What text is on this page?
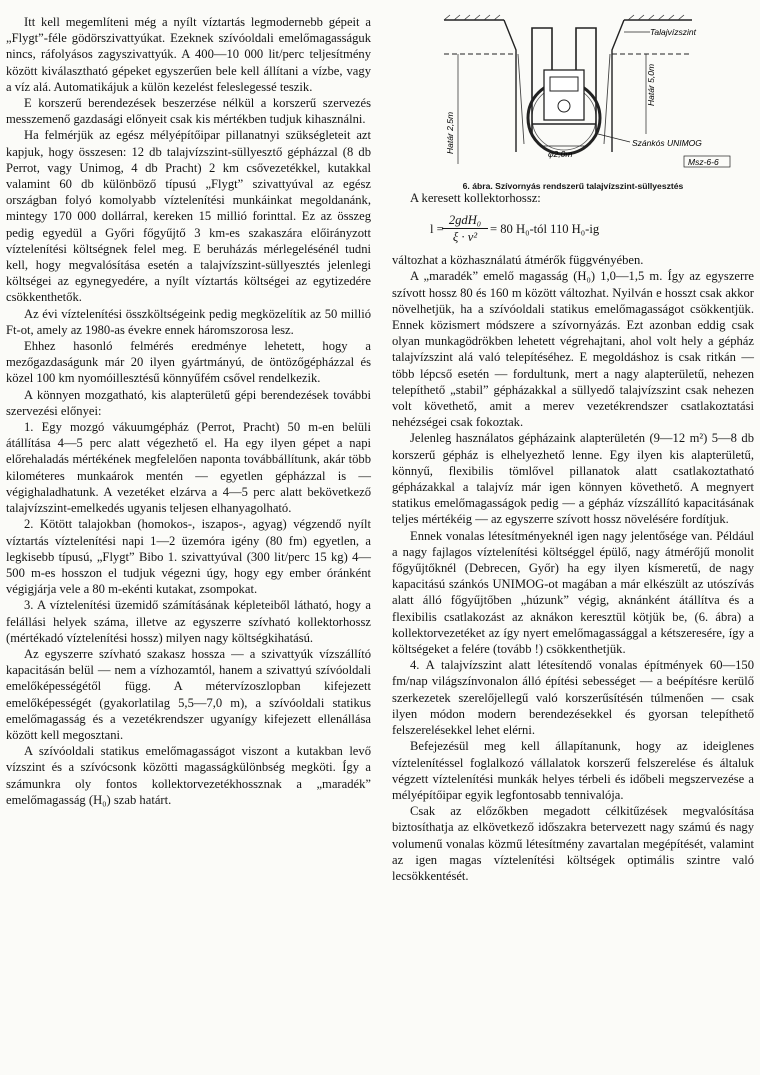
Itt kell megemlíteni még a nyílt víztartás legmodernebb gépeit a „Flygt”-féle gödörszivattyúkat. Ezeknek szívóoldali emelőmagasságuk nincs, ráfolyásos zagyszivattyúk. A 400—10 000 lit/perc teljesítmény között kiválasztható gépeket egyszerűen bele kell állítani a vízbe, vagy a víz alá. Automatikájuk a külön kezelést feleslegessé teszik.

E korszerű berendezések beszerzése nélkül a korszerű szervezés messzemenő gazdasági előnyeit csak kis mértékben tudjuk kihasználni.

Ha felmérjük az egész mélyépítőipar pillanatnyi szükségleteit azt kapjuk, hogy összesen: 12 db talajvízszint-süllyesztő gépházzal (8 db Perrot, vagy Unimog, 4 db Pracht) 2 km csővezetékkel, kutakkal valamint 60 db különböző típusú „Flygt” szivattyúval az egész országban folyó komolyabb víztelenítési munkáinkat megoldanánk, mintegy 170 000 dollárral, kereken 15 millió forinttal. Ez az összeg pedig egyedül a Győri főgyűjtő 3 km-es szakaszára előirányzott víztelenítési költségnek felel meg. E beruházás mérlegelésénél tudni kell, hogy megvalósítása esetén a talajvízszint-süllyesztés jelenlegi költségei az egynegyedére, a nyílt víztartás költségei az egytizedére csökkenthetők.

Az évi víztelenítési összköltségeink pedig megközelítik az 50 millió Ft-ot, amely az 1980-as évekre ennek háromszorosa lesz.

Ehhez hasonló felmérés eredménye lehetett, hogy a mezőgazdaságunk már 20 ilyen gyártmányú, de öntözőgépházzal és közel 100 km nyomóillesztésű könnyűfém csővel rendelkezik.

A könnyen mozgatható, kis alapterületű gépi berendezések további szervezési előnyei:

1. Egy mozgó vákuumgépház (Perrot, Pracht) 50 m-en belüli átállítása 4—5 perc alatt végezhető el. Ha egy ilyen gépet a napi előrehaladás mértékének megfelelően naponta továbbállítunk, akár több kilométeres munkaárok mentén — egyetlen gépházzal is — végighaladhatunk. A vezetéket elzárva a 4—5 perc alatt bekövetkező talajvízszint-emelkedés ugyanis teljesen elhanyagolható.

2. Kötött talajokban (homokos-, iszapos-, agyag) végzendő nyílt víztartás víztelenítési napi 1—2 üzemóra igény (80 fm) egyetlen, a legkisebb típusú, „Flygt” Bibo 1. szivattyúval (300 lit/perc 15 kg) 4—500 m-es hosszon el tudjuk végezni úgy, hogy egy ember óránként végigjárja vele a 80 m-ekénti kutakat, zsompokat.

3. A víztelenítési üzemidő számításának képleteiből látható, hogy a felállási helyek száma, illetve az egyszerre szívható kollektorhossz (mértékadó víztelenítési hossz) milyen nagy költségkihatású.

Az egyszerre szívható szakasz hossza — a szivattyúk vízszállító kapacitásán belül — nem a vízhozamtól, hanem a szivattyú szívóoldali emelőképességétől függ. A métervízoszlopban kifejezett emelőképességét (gyakorlatilag 5,5—7,0 m), a szívóoldali statikus emelőmagasság és a vezetékrendszer ugyanígy kifejezett ellenállása között kell megosztani.

A szívóoldali statikus emelőmagasságot viszont a kutakban levő vízszint és a szívócsonk közötti magasságkülönbség megköti. Így a számunkra oly fontos kollektorvezetékhossznak a „maradék” emelőmagasság (H₀) szab határt.

Talajvízszint
Határ 5,0m
Határ 2,5m	Szánkós UNIMOG
φ2,0m
Msz-6-6
6. ábra. Szívornyás rendszerű talajvízszint-süllyesztés

A keresett kollektorhossz:

l =
2gdH₀
ξ · v²
= 80 H₀-tól 110 H₀-ig

változhat a közhasználatú átmérők függvényében.

A „maradék” emelő magasság (H₀) 1,0—1,5 m. Így az egyszerre szívott hossz 80 és 160 m között változhat. Nyilván e hosszt csak akkor növelhetjük, ha a szívóoldali statikus emelőmagasságot csökkentjük. Ennek közismert módszere a szívornyázás. Ezt azonban eddig csak olyan munkagödrökben lehetett végrehajtani, ahol volt hely a gépház talajvízszint alá való telepítéséhez. E megoldáshoz is csak ritkán — több lépcső esetén — fordultunk, mert a nagy alapterületű, nehezen telepíthető „stabil” gépházakkal a süllyedő talajvízszint csak nehezen volt követhető, amit a merev vezetékrendszer csatlakoztatási nehézségei csak fokoztak.

Jelenleg használatos gépházaink alapterületén (9—12 m²) 5—8 db korszerű gépház is elhelyezhető lenne. Egy ilyen kis alapterületű, könnyű, flexibilis tömlővel pillanatok alatt csatlakoztatható gépházakkal a talajvíz már igen könnyen követhető. A megnyert statikus emelőmagasságok pedig — a gépház vízszállító kapacitásának teljes mértékéig — az egyszerre szívott hossz növelésére fordítjuk.

Ennek vonalas létesítményeknél igen nagy jelentősége van. Például a nagy fajlagos víztelenítési költséggel épülő, nagy átmérőjű monolit főgyűjtőknél (Debrecen, Győr) ha egy ilyen kísmeretű, de nagy kapacitású szánkós UNIMOG-ot magában a már elkészült az utószívás alatt álló főgyűjtőben „húzunk” végig, aknánként átállítva és a flexibilis csatlakozást az aknákon keresztül kötjük be, (6. ábra) a kollektorvezetéket az így nyert emelőmagassággal a kétszeresére, így a költségeket a felére (tovább !) csökkenthetjük.

4. A talajvízszint alatt létesítendő vonalas építmények 60—150 fm/nap világszínvonalon álló építési sebességet — a beépítésre kerülő szerkezetek szerelőjellegű való korszerűsítésén túlmenően — csak ilyen módon modern berendezésekkel és gyorsan telepíthető felszerelésekkel lehet elérni.

Befejezésül meg kell állapítanunk, hogy az ideiglenes víztelenítéssel foglalkozó vállalatok korszerű felszerelése és általuk végzett víztelenítési munkák helyes térbeli és időbeli megszervezése a mélyépítőipar egyik legfontosabb tennivalója.

Csak az előzőkben megadott célkitűzések megvalósítása biztosíthatja az elkövetkező időszakra betervezett nagy számú és nagy volumenű vonalas közmű létesítmény zavartalan megépítését, valamint az igen magas víztelenítési költségek optimális szintre való lecsökkentését.
